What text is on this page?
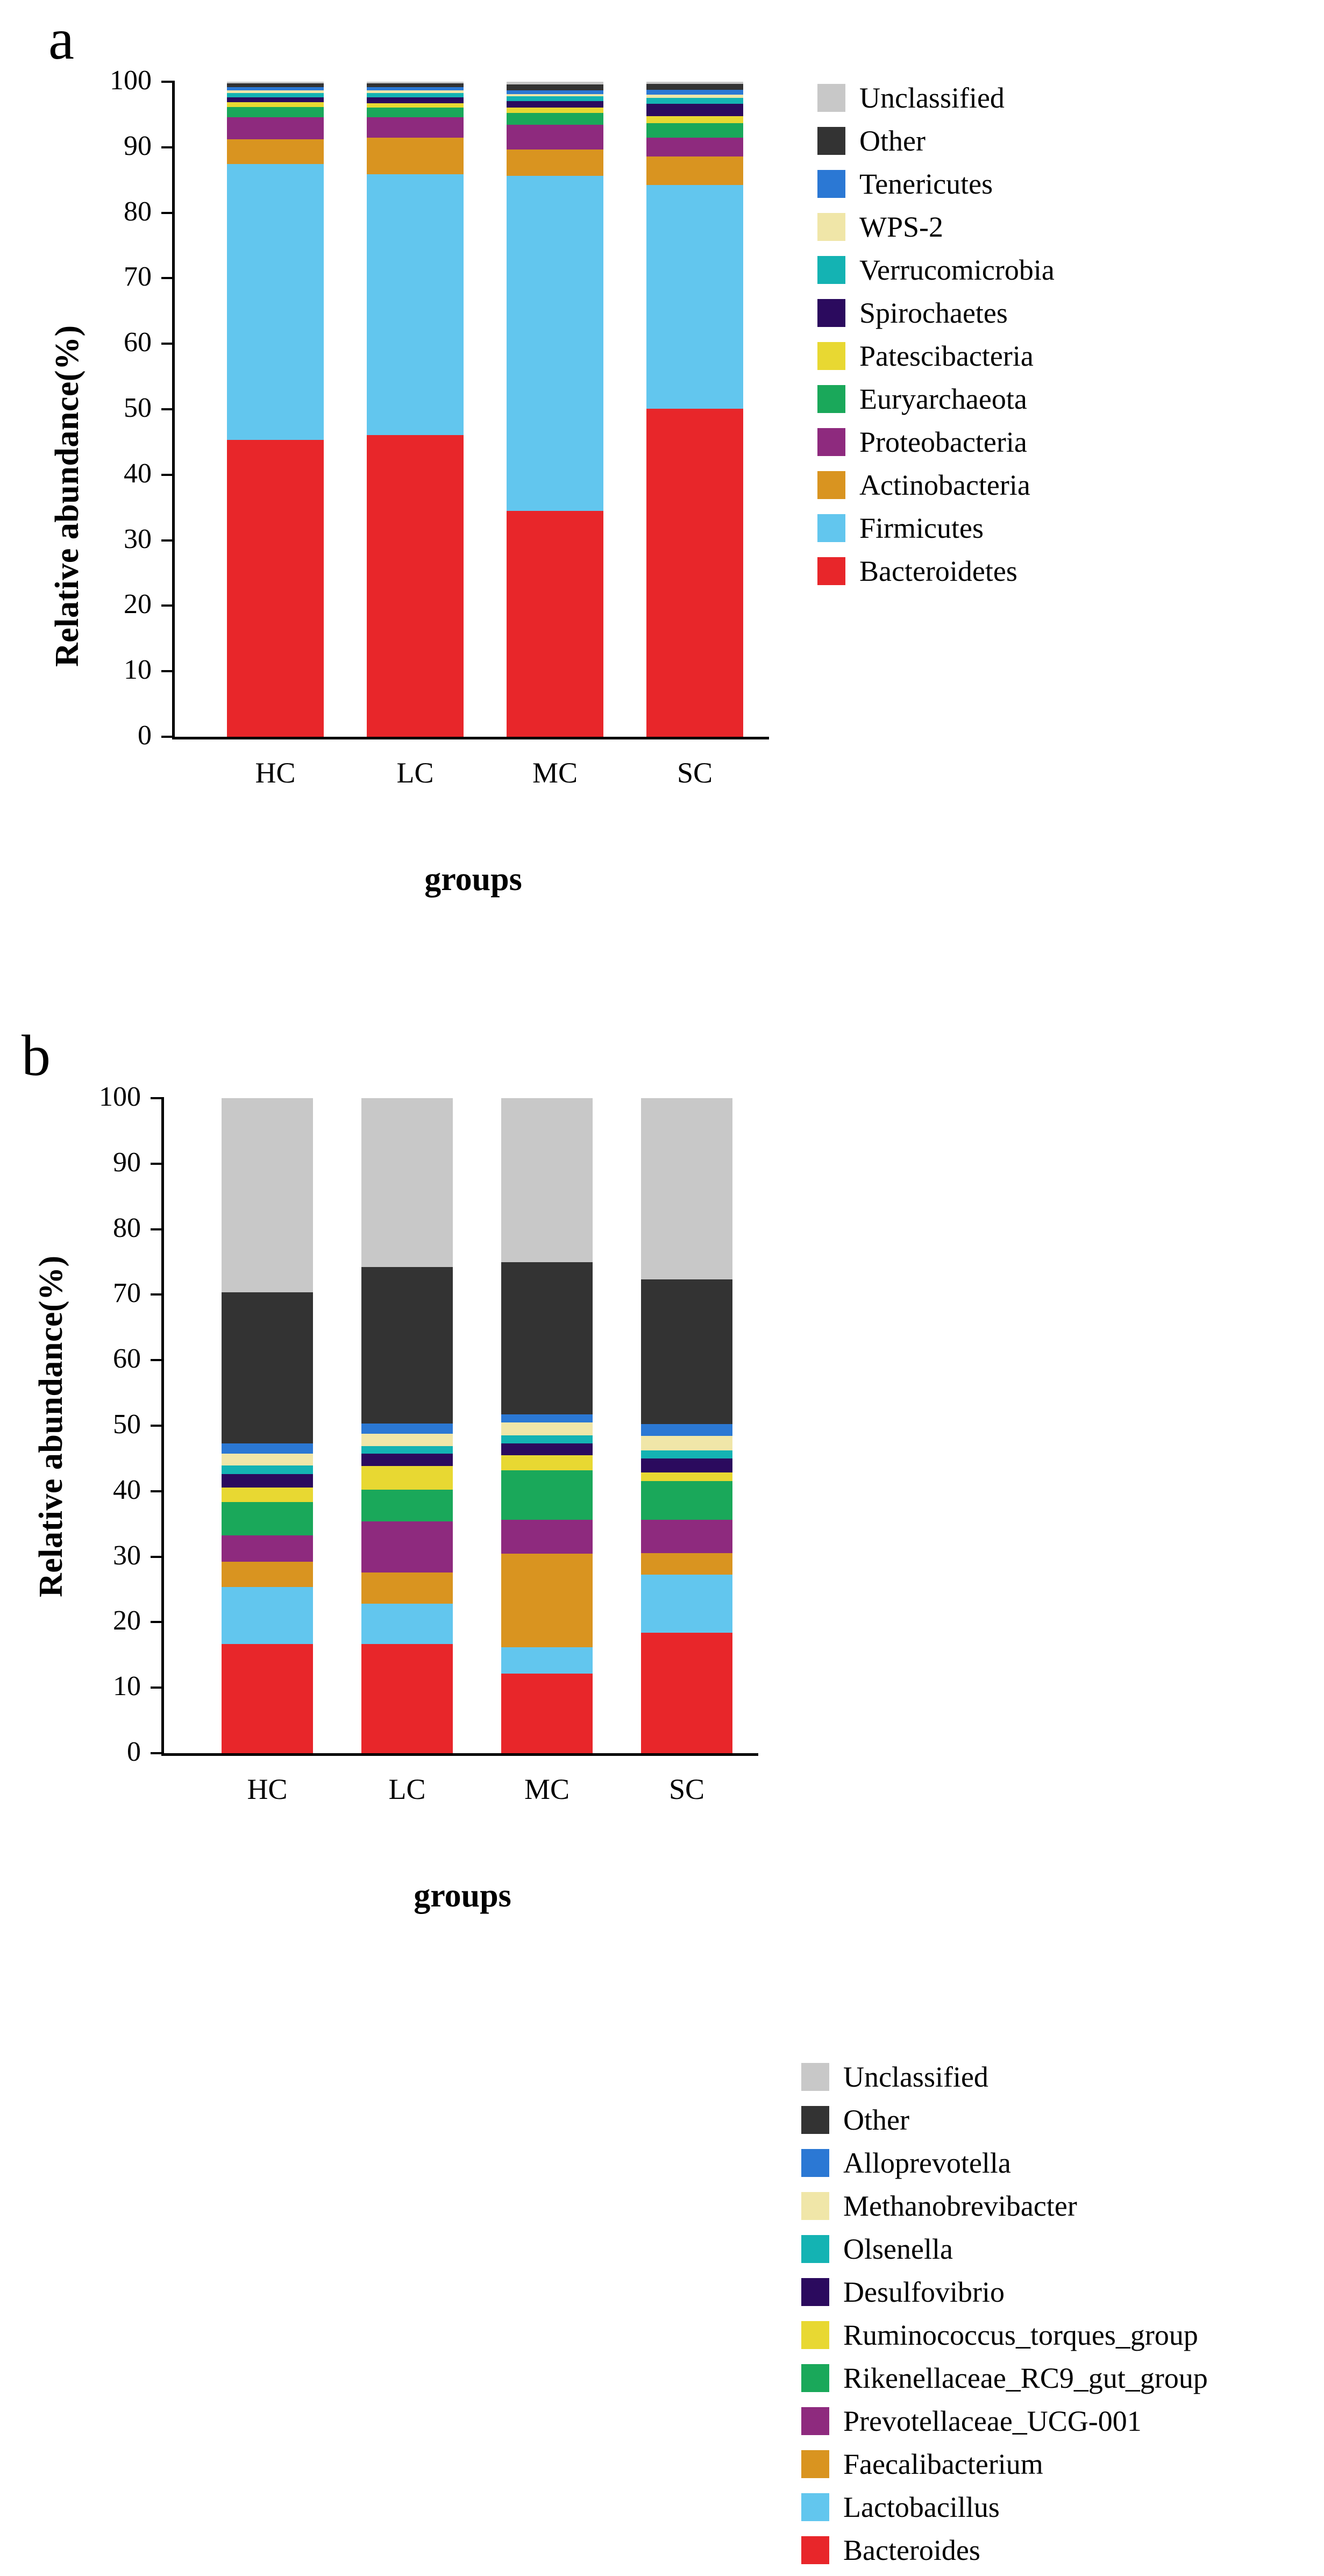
a
Relative abundance(%)
0
10
20
30
40
50
60
70
80
90
100
HC	LC	MC	SC
groups
Unclassified
Other
Tenericutes
WPS-2
Verrucomicrobia
Spirochaetes
Patescibacteria
Euryarchaeota
Proteobacteria
Actinobacteria
Firmicutes
Bacteroidetes
b
Relative abundance(%)
0
10
20
30
40
50
60
70
80
90
100
HC	LC	MC	SC
groups
Unclassified
Other
Alloprevotella
Methanobrevibacter
Olsenella
Desulfovibrio
Ruminococcus_torques_group
Rikenellaceae_RC9_gut_group
Prevotellaceae_UCG-001
Faecalibacterium
Lactobacillus
Bacteroides
